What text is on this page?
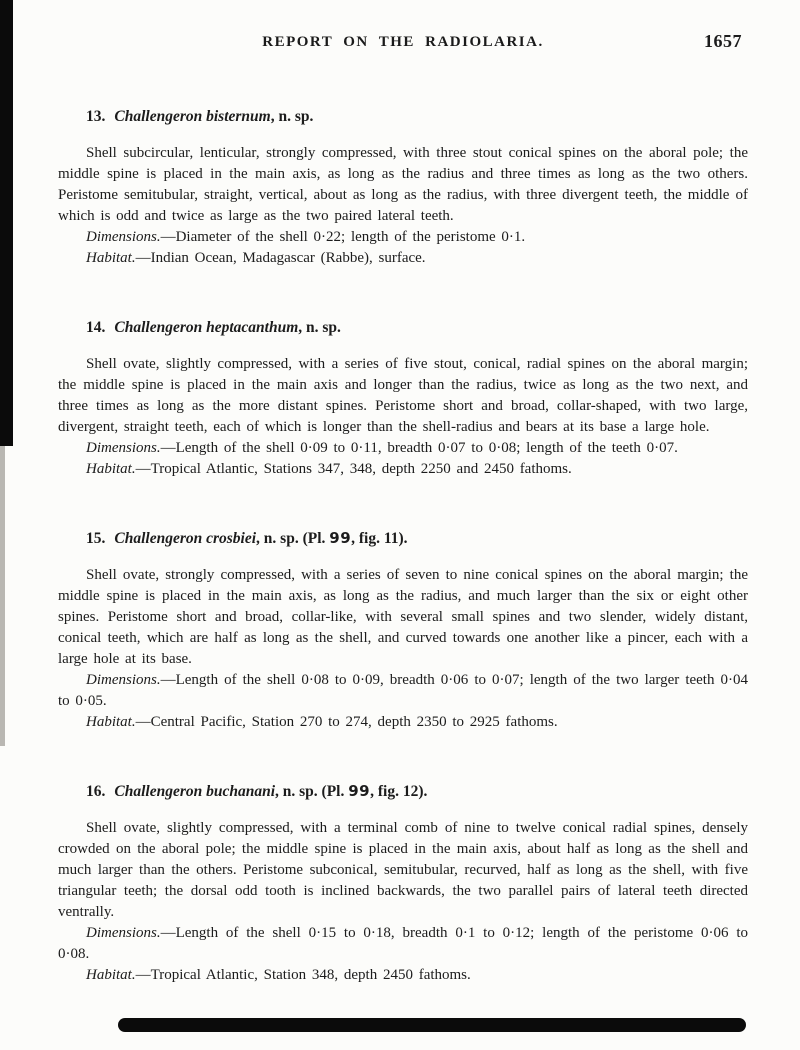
REPORT ON THE RADIOLARIA.	1657
13. Challengeron bisternum, n. sp.

Shell subcircular, lenticular, strongly compressed, with three stout conical spines on the aboral pole; the middle spine is placed in the main axis, as long as the radius and three times as long as the two others. Peristome semitubular, straight, vertical, about as long as the radius, with three divergent teeth, the middle of which is odd and twice as large as the two paired lateral teeth.

Dimensions.—Diameter of the shell 0·22; length of the peristome 0·1.

Habitat.—Indian Ocean, Madagascar (Rabbe), surface.

14. Challengeron heptacanthum, n. sp.

Shell ovate, slightly compressed, with a series of five stout, conical, radial spines on the aboral margin; the middle spine is placed in the main axis and longer than the radius, twice as long as the two next, and three times as long as the more distant spines. Peristome short and broad, collar-shaped, with two large, divergent, straight teeth, each of which is longer than the shell-radius and bears at its base a large hole.

Dimensions.—Length of the shell 0·09 to 0·11, breadth 0·07 to 0·08; length of the teeth 0·07.

Habitat.—Tropical Atlantic, Stations 347, 348, depth 2250 and 2450 fathoms.

15. Challengeron crosbiei, n. sp. (Pl. 99, fig. 11).

Shell ovate, strongly compressed, with a series of seven to nine conical spines on the aboral margin; the middle spine is placed in the main axis, as long as the radius, and much larger than the six or eight other spines. Peristome short and broad, collar-like, with several small spines and two slender, widely distant, conical teeth, which are half as long as the shell, and curved towards one another like a pincer, each with a large hole at its base.

Dimensions.—Length of the shell 0·08 to 0·09, breadth 0·06 to 0·07; length of the two larger teeth 0·04 to 0·05.

Habitat.—Central Pacific, Station 270 to 274, depth 2350 to 2925 fathoms.

16. Challengeron buchanani, n. sp. (Pl. 99, fig. 12).

Shell ovate, slightly compressed, with a terminal comb of nine to twelve conical radial spines, densely crowded on the aboral pole; the middle spine is placed in the main axis, about half as long as the shell and much larger than the others. Peristome subconical, semitubular, recurved, half as long as the shell, with five triangular teeth; the dorsal odd tooth is inclined backwards, the two parallel pairs of lateral teeth directed ventrally.

Dimensions.—Length of the shell 0·15 to 0·18, breadth 0·1 to 0·12; length of the peristome 0·06 to 0·08.

Habitat.—Tropical Atlantic, Station 348, depth 2450 fathoms.
